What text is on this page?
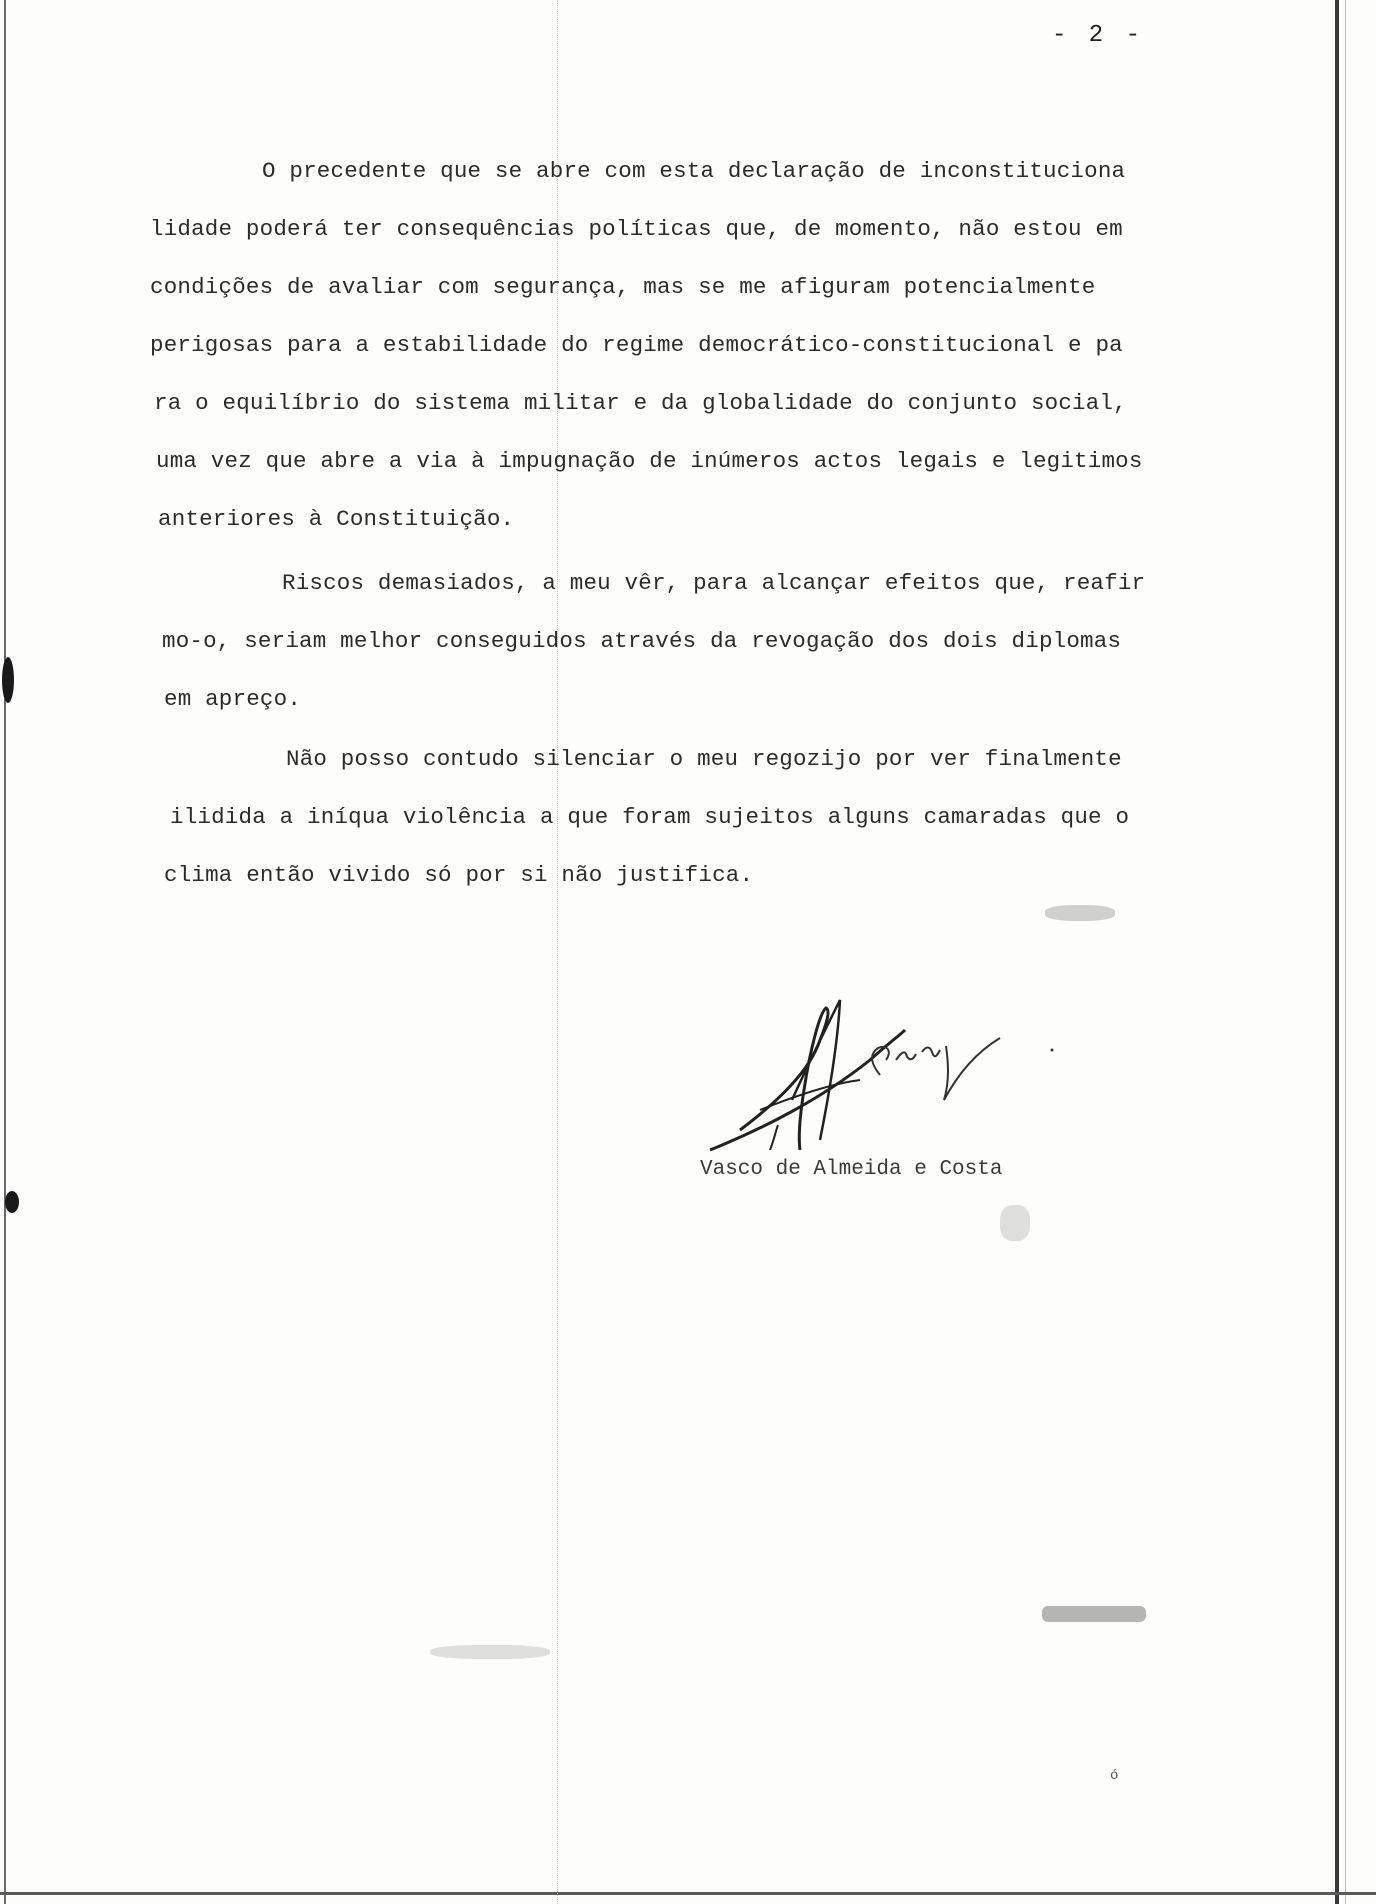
- 2 -
O precedente que se abre com esta declaração de inconstituciona
lidade poderá ter consequências políticas que, de momento, não estou em
condições de avaliar com segurança, mas se me afiguram potencialmente
perigosas para a estabilidade do regime democrático-constitucional e pa
ra o equilíbrio do sistema militar e da globalidade do conjunto social,
uma vez que abre a via à impugnação de inúmeros actos legais e legitimos
anteriores à Constituição.
Riscos demasiados, a meu vêr, para alcançar efeitos que, reafir
mo-o, seriam melhor conseguidos através da revogação dos dois diplomas
em apreço.
Não posso contudo silenciar o meu regozijo por ver finalmente
ilidida a iníqua violência a que foram sujeitos alguns camaradas que o
clima então vivido só por si não justifica.
Vasco de Almeida e Costa
ó
